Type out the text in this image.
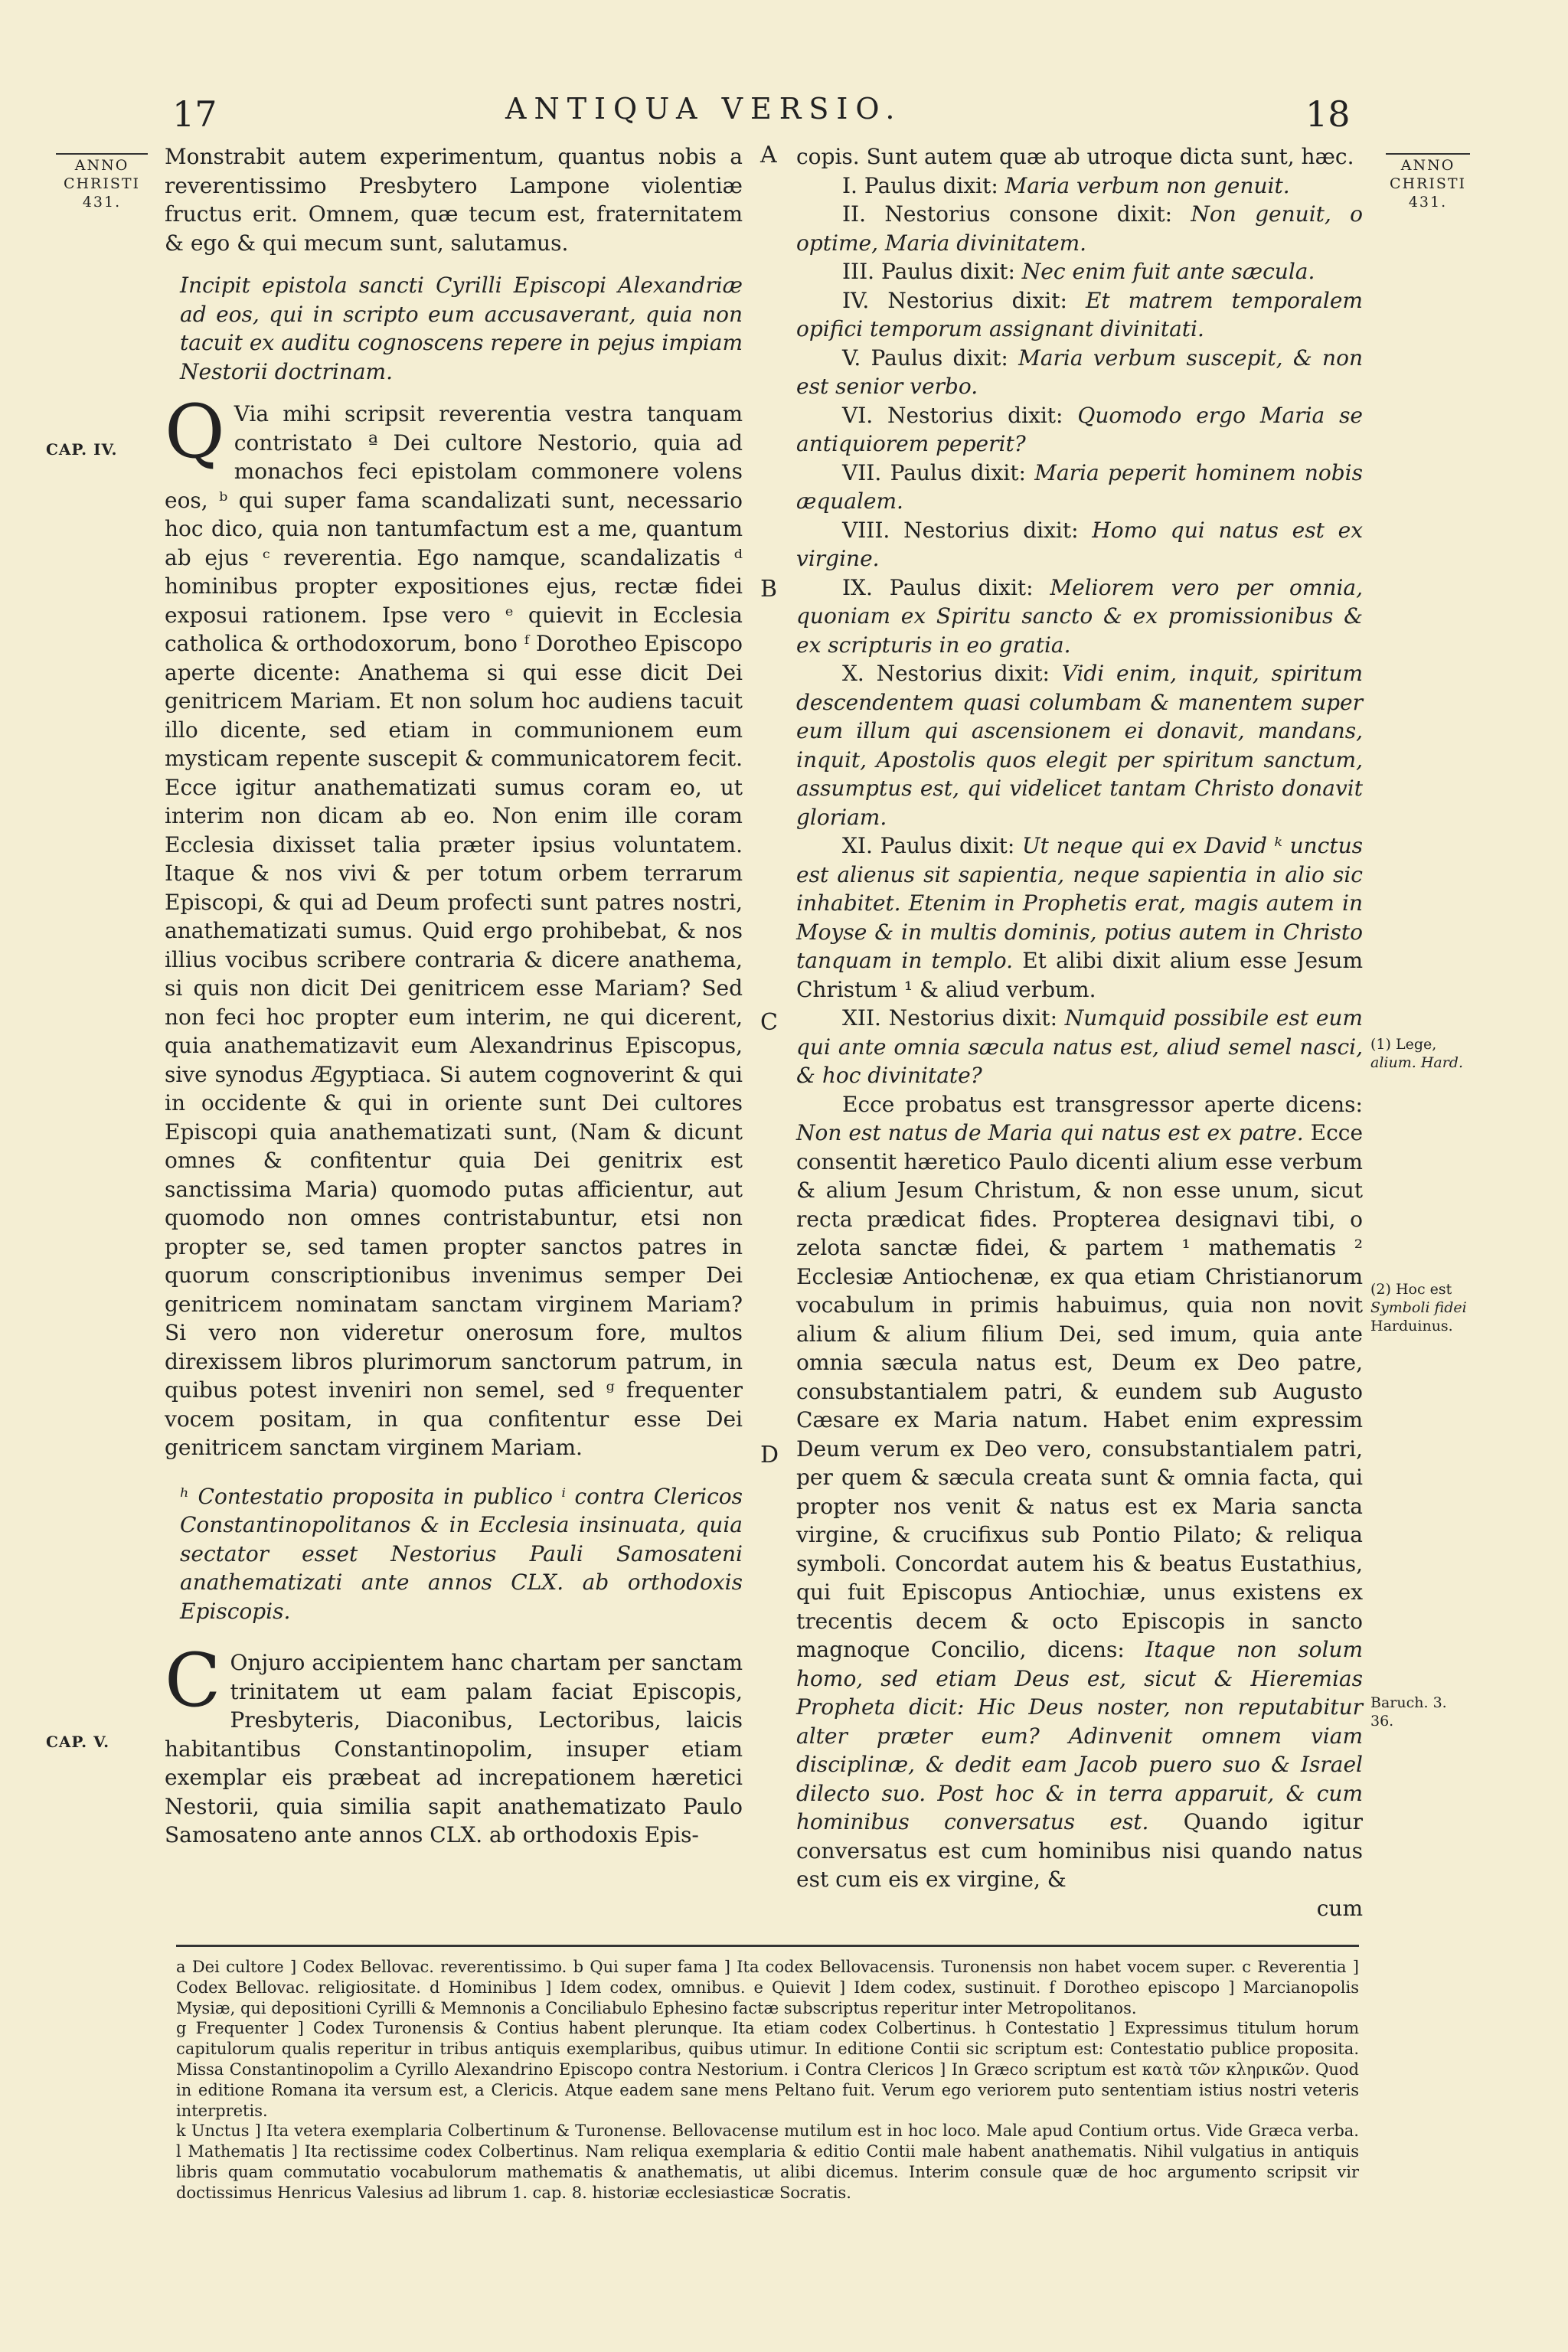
17	ANTIQUA VERSIO.	18
ANNO
CHRISTI
431.
CAP. IV.
CAP. V.
ANNO
CHRISTI
431.
(1) Lege,
alium. Hard.
(2) Hoc est
Symboli fidei
Harduinus.
Baruch. 3.
36.
A
B
C
D

Monstrabit autem experimentum, quantus nobis a reverentissimo Presbytero Lampone violentiæ fructus erit. Omnem, quæ tecum est, fraternitatem & ego & qui mecum sunt, salutamus.

Incipit epistola sancti Cyrilli Episcopi Alexandriæ ad eos, qui in scripto eum accusaverant, quia non tacuit ex auditu cognoscens repere in pejus impiam Nestorii doctrinam.

Q Via mihi scripsit reverentia vestra tanquam contristato ª Dei cultore Nestorio, quia ad monachos feci epistolam commonere volens eos, ᵇ qui super fama scandalizati sunt, necessario hoc dico, quia non tantumfactum est a me, quantum ab ejus ᶜ reverentia. Ego namque, scandalizatis ᵈ hominibus propter expositiones ejus, rectæ fidei exposui rationem. Ipse vero ᵉ quievit in Ecclesia catholica & orthodoxorum, bono ᶠ Dorotheo Episcopo aperte dicente: Anathema si qui esse dicit Dei genitricem Mariam. Et non solum hoc audiens tacuit illo dicente, sed etiam in communionem eum mysticam repente suscepit & communicatorem fecit. Ecce igitur anathematizati sumus coram eo, ut interim non dicam ab eo. Non enim ille coram Ecclesia dixisset talia præter ipsius voluntatem. Itaque & nos vivi & per totum orbem terrarum Episcopi, & qui ad Deum profecti sunt patres nostri, anathematizati sumus. Quid ergo prohibebat, & nos illius vocibus scribere contraria & dicere anathema, si quis non dicit Dei genitricem esse Mariam? Sed non feci hoc propter eum interim, ne qui dicerent, quia anathematizavit eum Alexandrinus Episcopus, sive synodus Ægyptiaca. Si autem cognoverint & qui in occidente & qui in oriente sunt Dei cultores Episcopi quia anathematizati sunt, (Nam & dicunt omnes & confitentur quia Dei genitrix est sanctissima Maria) quomodo putas afficientur, aut quomodo non omnes contristabuntur, etsi non propter se, sed tamen propter sanctos patres in quorum conscriptionibus invenimus semper Dei genitricem nominatam sanctam virginem Mariam? Si vero non videretur onerosum fore, multos direxissem libros plurimorum sanctorum patrum, in quibus potest inveniri non semel, sed ᵍ frequenter vocem positam, in qua confitentur esse Dei genitricem sanctam virginem Mariam.

ʰ Contestatio proposita in publico ⁱ contra Clericos Constantinopolitanos & in Ecclesia insinuata, quia sectator esset Nestorius Pauli Samosateni anathematizati ante annos CLX. ab orthodoxis Episcopis.

C Onjuro accipientem hanc chartam per sanctam trinitatem ut eam palam faciat Episcopis, Presbyteris, Diaconibus, Lectoribus, laicis habitantibus Constantinopolim, insuper etiam exemplar eis præbeat ad increpationem hæretici Nestorii, quia similia sapit anathematizato Paulo Samosateno ante annos CLX. ab orthodoxis Epis-

copis. Sunt autem quæ ab utroque dicta sunt, hæc.

I. Paulus dixit: Maria verbum non genuit.

II. Nestorius consone dixit: Non genuit, o optime, Maria divinitatem.

III. Paulus dixit: Nec enim fuit ante sæcula.

IV. Nestorius dixit: Et matrem temporalem opifici temporum assignant divinitati.

V. Paulus dixit: Maria verbum suscepit, & non est senior verbo.

VI. Nestorius dixit: Quomodo ergo Maria se antiquiorem peperit?

VII. Paulus dixit: Maria peperit hominem nobis æqualem.

VIII. Nestorius dixit: Homo qui natus est ex virgine.

IX. Paulus dixit: Meliorem vero per omnia, quoniam ex Spiritu sancto & ex promissionibus & ex scripturis in eo gratia.

X. Nestorius dixit: Vidi enim, inquit, spiritum descendentem quasi columbam & manentem super eum illum qui ascensionem ei donavit, mandans, inquit, Apostolis quos elegit per spiritum sanctum, assumptus est, qui videlicet tantam Christo donavit gloriam.

XI. Paulus dixit: Ut neque qui ex David ᵏ unctus est alienus sit sapientia, neque sapientia in alio sic inhabitet. Etenim in Prophetis erat, magis autem in Moyse & in multis dominis, potius autem in Christo tanquam in templo. Et alibi dixit alium esse Jesum Christum ¹ & aliud verbum.

XII. Nestorius dixit: Numquid possibile est eum qui ante omnia sæcula natus est, aliud semel nasci, & hoc divinitate?

Ecce probatus est transgressor aperte dicens: Non est natus de Maria qui natus est ex patre. Ecce consentit hæretico Paulo dicenti alium esse verbum & alium Jesum Christum, & non esse unum, sicut recta prædicat fides. Propterea designavi tibi, o zelota sanctæ fidei, & partem ¹ mathematis ² Ecclesiæ Antiochenæ, ex qua etiam Christianorum vocabulum in primis habuimus, quia non novit alium & alium filium Dei, sed imum, quia ante omnia sæcula natus est, Deum ex Deo patre, consubstantialem patri, & eundem sub Augusto Cæsare ex Maria natum. Habet enim expressim Deum verum ex Deo vero, consubstantialem patri, per quem & sæcula creata sunt & omnia facta, qui propter nos venit & natus est ex Maria sancta virgine, & crucifixus sub Pontio Pilato; & reliqua symboli. Concordat autem his & beatus Eustathius, qui fuit Episcopus Antiochiæ, unus existens ex trecentis decem & octo Episcopis in sancto magnoque Concilio, dicens: Itaque non solum homo, sed etiam Deus est, sicut & Hieremias Propheta dicit: Hic Deus noster, non reputabitur alter præter eum? Adinvenit omnem viam disciplinæ, & dedit eam Jacob puero suo & Israel dilecto suo. Post hoc & in terra apparuit, & cum hominibus conversatus est. Quando igitur conversatus est cum hominibus nisi quando natus est cum eis ex virgine, &

cum

a Dei cultore ] Codex Bellovac. reverentissimo. b Qui super fama ] Ita codex Bellovacensis. Turonensis non habet vocem super. c Reverentia ] Codex Bellovac. religiositate. d Hominibus ] Idem codex, omnibus. e Quievit ] Idem codex, sustinuit. f Dorotheo episcopo ] Marcianopolis Mysiæ, qui depositioni Cyrilli & Memnonis a Conciliabulo Ephesino factæ subscriptus reperitur inter Metropolitanos.

g Frequenter ] Codex Turonensis & Contius habent plerunque. Ita etiam codex Colbertinus. h Contestatio ] Expressimus titulum horum capitulorum qualis reperitur in tribus antiquis exemplaribus, quibus utimur. In editione Contii sic scriptum est: Contestatio publice proposita. Missa Constantinopolim a Cyrillo Alexandrino Episcopo contra Nestorium. i Contra Clericos ] In Græco scriptum est κατὰ τῶν κληρικῶν. Quod in editione Romana ita versum est, a Clericis. Atque eadem sane mens Peltano fuit. Verum ego veriorem puto sententiam istius nostri veteris interpretis.

k Unctus ] Ita vetera exemplaria Colbertinum & Turonense. Bellovacense mutilum est in hoc loco. Male apud Contium ortus. Vide Græca verba. l Mathematis ] Ita rectissime codex Colbertinus. Nam reliqua exemplaria & editio Contii male habent anathematis. Nihil vulgatius in antiquis libris quam commutatio vocabulorum mathematis & anathematis, ut alibi dicemus. Interim consule quæ de hoc argumento scripsit vir doctissimus Henricus Valesius ad librum 1. cap. 8. historiæ ecclesiasticæ Socratis.
